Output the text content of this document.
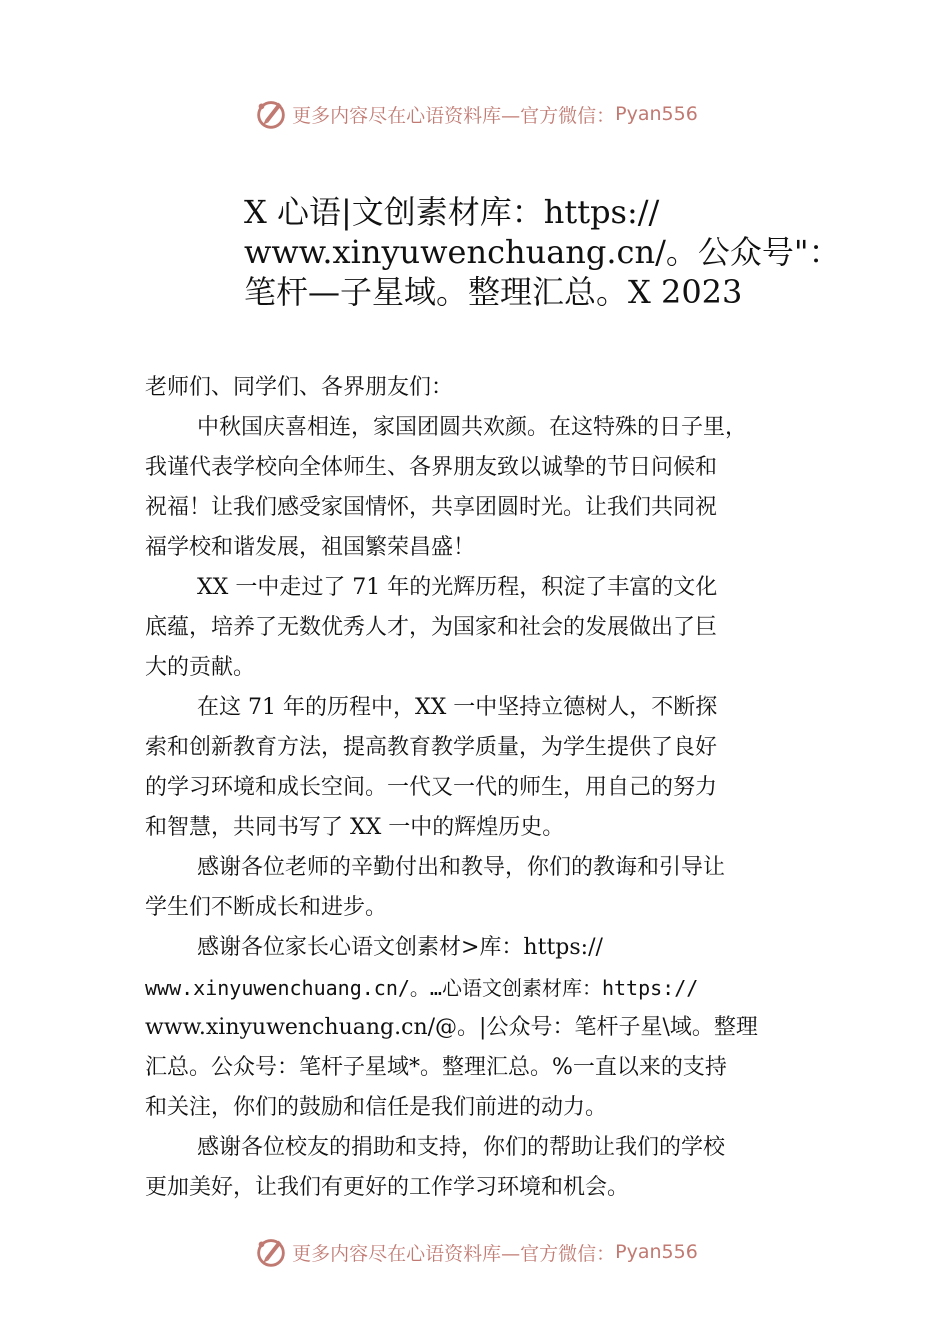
更多内容尽在心语资料库—官方微信： Pyan556
X 心语|文创素材库：https://
www.xinyuwenchuang.cn/。公众号"：
笔杆—子星域。整理汇总。X 2023
老师们、同学们、各界朋友们：
中秋国庆喜相连，家国团圆共欢颜。在这特殊的日子里，
我谨代表学校向全体师生、各界朋友致以诚挚的节日问候和
祝福！让我们感受家国情怀，共享团圆时光。让我们共同祝
福学校和谐发展，祖国繁荣昌盛！
XX 一中走过了 71 年的光辉历程，积淀了丰富的文化
底蕴，培养了无数优秀人才，为国家和社会的发展做出了巨
大的贡献。
在这 71 年的历程中，XX 一中坚持立德树人，不断探
索和创新教育方法，提高教育教学质量，为学生提供了良好
的学习环境和成长空间。一代又一代的师生，用自己的努力
和智慧，共同书写了 XX 一中的辉煌历史。
感谢各位老师的辛勤付出和教导，你们的教诲和引导让
学生们不断成长和进步。
感谢各位家长心语文创素材>库：https://
www.xinyuwenchuang.cn/。…心语文创素材库：https://
www.xinyuwenchuang.cn/@。|公众号：笔杆子星\域。整理
汇总。公众号：笔杆子星域*。整理汇总。%一直以来的支持
和关注，你们的鼓励和信任是我们前进的动力。
感谢各位校友的捐助和支持，你们的帮助让我们的学校
更加美好，让我们有更好的工作学习环境和机会。
更多内容尽在心语资料库—官方微信： Pyan556
